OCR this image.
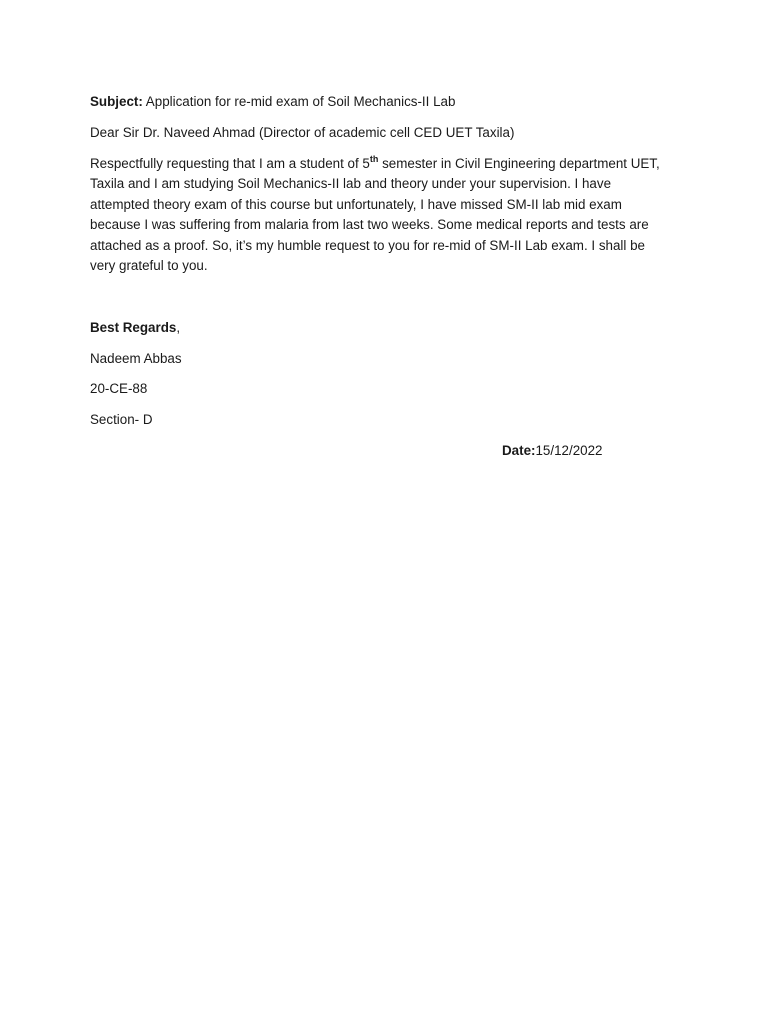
Subject: Application for re-mid exam of Soil Mechanics-II Lab
Dear Sir Dr. Naveed Ahmad (Director of academic cell CED UET Taxila)
Respectfully requesting that I am a student of 5th semester in Civil Engineering department UET,
Taxila and I am studying Soil Mechanics-II lab and theory under your supervision. I have
attempted theory exam of this course but unfortunately, I have missed SM-II lab mid exam
because I was suffering from malaria from last two weeks. Some medical reports and tests are
attached as a proof. So, it’s my humble request to you for re-mid of SM-II Lab exam. I shall be
very grateful to you.
Best Regards,
Nadeem Abbas
20-CE-88
Section- D
Date:15/12/2022
